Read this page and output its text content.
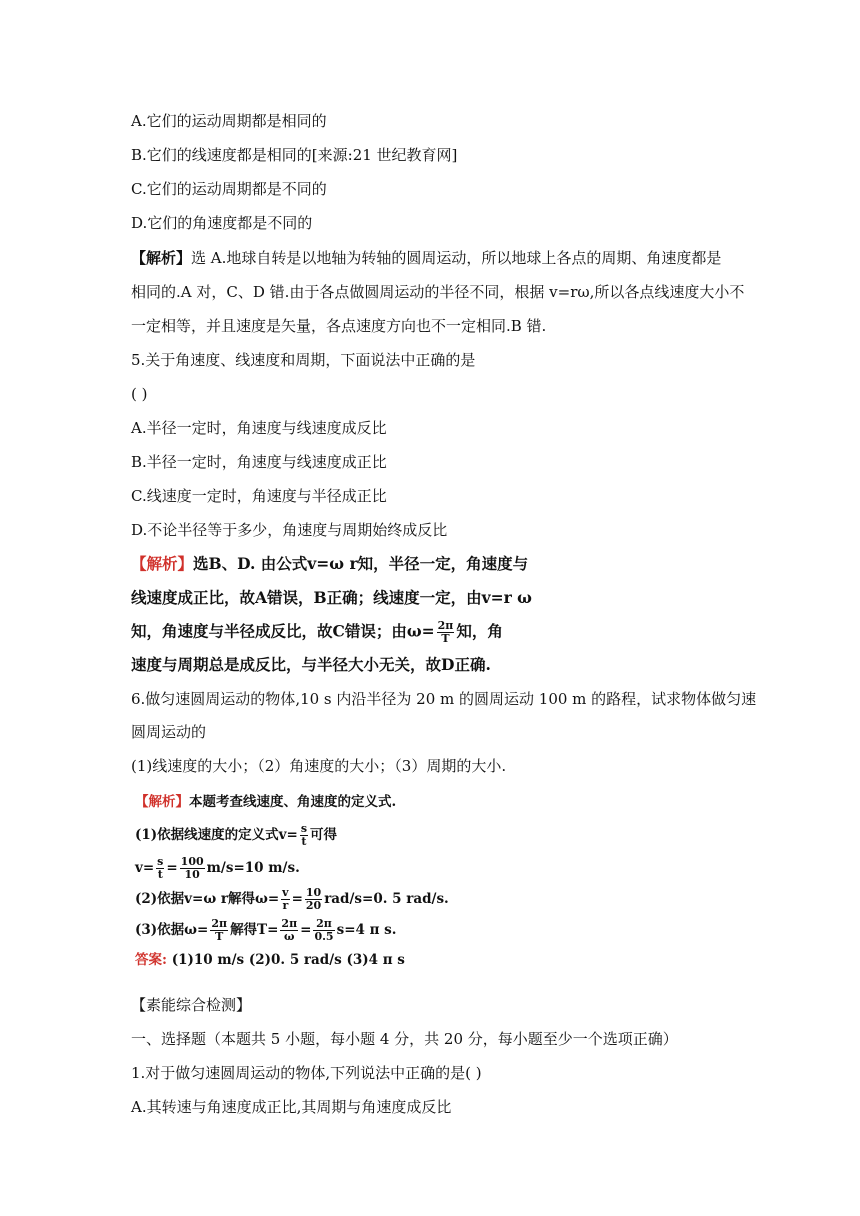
A.它们的运动周期都是相同的
B.它们的线速度都是相同的[来源:21 世纪教育网]
C.它们的运动周期都是不同的
D.它们的角速度都是不同的
【解析】选 A.地球自转是以地轴为转轴的圆周运动，所以地球上各点的周期、角速度都是
相同的.A 对，C、D 错.由于各点做圆周运动的半径不同，根据 v=rω,所以各点线速度大小不
一定相等，并且速度是矢量，各点速度方向也不一定相同.B 错.
5.关于角速度、线速度和周期，下面说法中正确的是
( )
A.半径一定时，角速度与线速度成反比
B.半径一定时，角速度与线速度成正比
C.线速度一定时，角速度与半径成正比
D.不论半径等于多少，角速度与周期始终成反比
【解析】选B、D. 由公式v=ω r知，半径一定，角速度与
线速度成正比，故A错误，B正确；线速度一定，由v=r ω
知，角速度与半径成反比，故C错误；由$\omega= \frac{2\pi}{T}$ 知，角
速度与周期总是成反比，与半径大小无关，故D正确.
6.做匀速圆周运动的物体,10 s 内沿半径为 20 m 的圆周运动 100 m 的路程，试求物体做匀速
圆周运动的
(1)线速度的大小；（2）角速度的大小；（3）周期的大小.
【解析】本题考查线速度、角速度的定义式.
(1)依据线速度的定义式$v= \frac{s}{t}$ 可得
$v= \frac{s}{t} = \frac{100}{10} m/s=10$ m/s.
(2)依据v=ω r解得$\omega= \frac{v}{r} = \frac{10}{20} rad/s=0$. 5 rad/s.
(3)依据$\omega= \frac{2\pi}{T}$ 解得$T= \frac{2\pi}{\omega} = \frac{2\pi}{0.5} s=4$ π s.
答案: (1)10 m/s (2)0. 5 rad/s (3)4 π s
【素能综合检测】
一、选择题（本题共 5 小题，每小题 4 分，共 20 分，每小题至少一个选项正确）
1.对于做匀速圆周运动的物体,下列说法中正确的是( )
A.其转速与角速度成正比,其周期与角速度成反比
